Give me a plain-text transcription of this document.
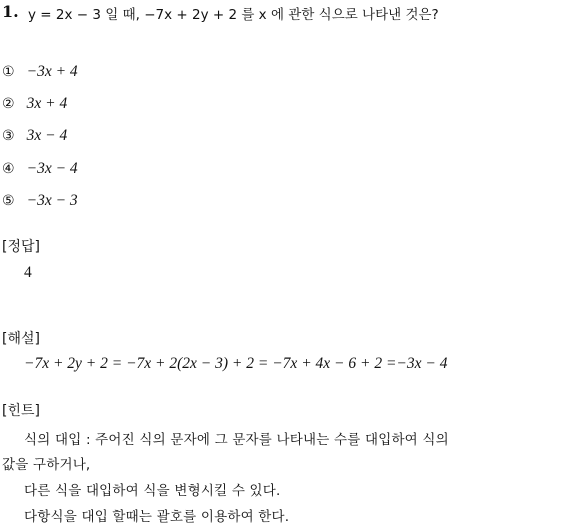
1. y = 2x − 3 일 때, −7x + 2y + 2 를 x 에 관한 식으로 나타낸 것은?
① −3x + 4
② 3x + 4
③ 3x − 4
④ −3x − 4
⑤ −3x − 3
[정답]
4
[해설]
−7x + 2y + 2 = −7x + 2(2x − 3) + 2 = −7x + 4x − 6 + 2 =−3x − 4
[힌트]
식의 대입 : 주어진 식의 문자에 그 문자를 나타내는 수를 대입하여 식의
값을 구하거나,
다른 식을 대입하여 식을 변형시킬 수 있다.
다항식을 대입 할때는 괄호를 이용하여 한다.
